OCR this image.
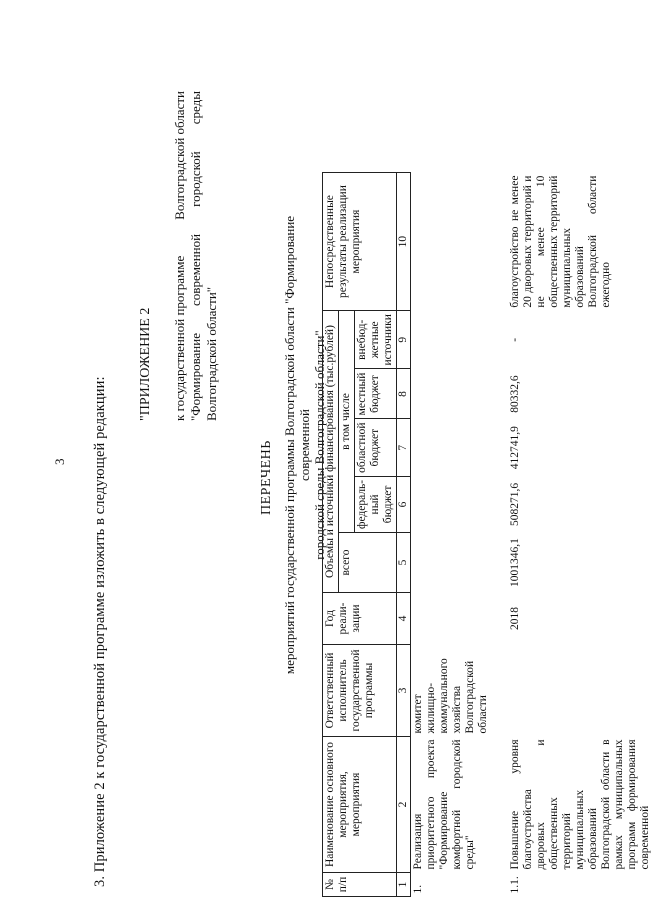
3 3. Приложение 2 к государственной программе изложить в следующей редакции:
"ПРИЛОЖЕНИЕ 2 к государственной программе
Волгоградской области
"Формирование
современной
городской
среды
Волгоградской области"
ПЕРЕЧЕНЬ мероприятий государственной программы Волгоградской области "Формирование современной городской среды Волгоградской области"
№ п/п	Наименование основного мероприятия, мероприятия	Ответственный исполнитель государственной программы	Год реали- зации	Объемы и источники финансирования (тыс.рублей)					Непосредственные результаты реализации мероприятия
				всего	в том числе				
					федераль- ный бюджет	областной бюджет	местный бюджет	внебюд- жетные источники	
1	2	3	4	5	6	7	8	9	10
1.	Реализация приоритетного проекта "Формирование комфортной городской среды"	комитет жилищно-коммунального хозяйства Волгоградской области							
1.1.	Повышение уровня благоустройства дворовых и общественных территорий муниципальных образований Волгоградской области в рамках муниципальных программ формирования современной		2018	1001346,1	508271,6	412741,9	80332,6	-	благоустройство не менее 20 дворовых территорий и не менее 10 общественных территорий муниципальных образований Волгоградской области ежегодно
